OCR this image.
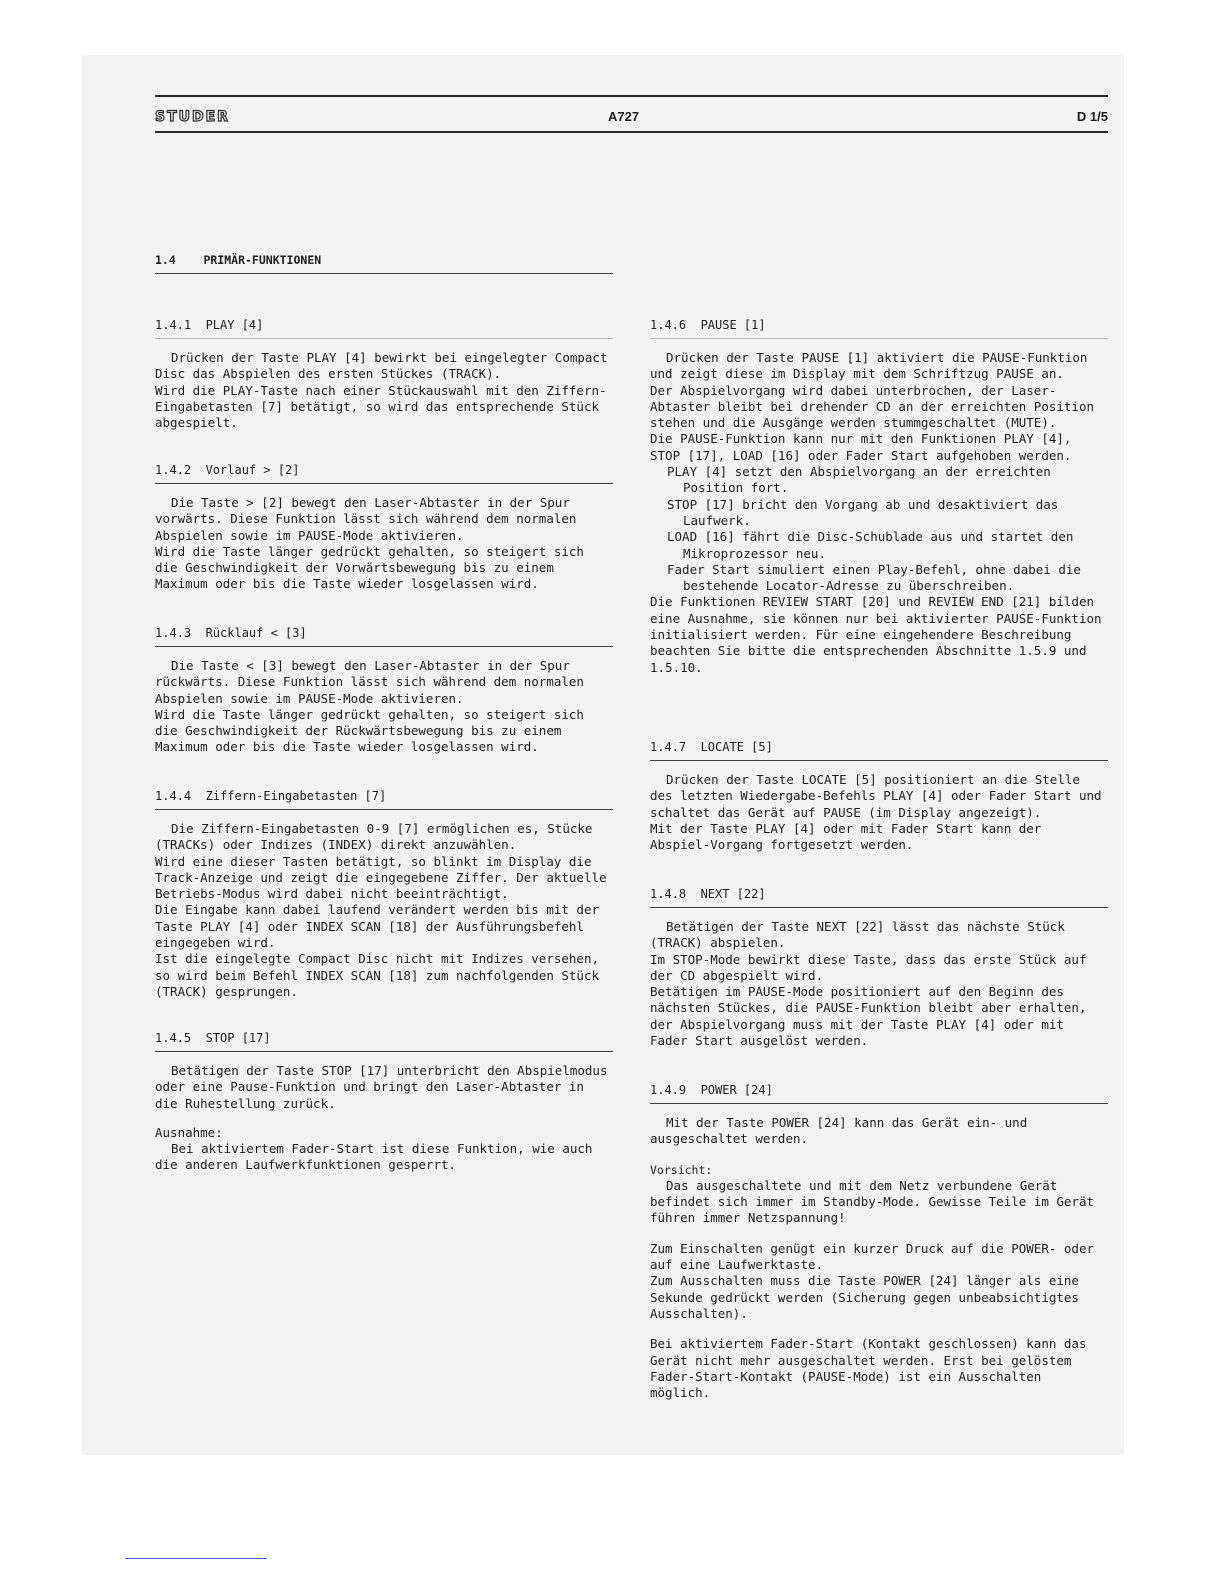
STUDER	A727	D 1/5
1.4    PRIMÄR-FUNKTIONEN
1.4.1  PLAY [4]

Drücken der Taste PLAY [4] bewirkt bei eingelegter Compact Disc das Abspielen des ersten Stückes (TRACK).

Wird die PLAY-Taste nach einer Stückauswahl mit den Ziffern-Eingabetasten [7] betätigt, so wird das entsprechende Stück abgespielt.

1.4.2  Vorlauf > [2]

Die Taste > [2] bewegt den Laser-Abtaster in der Spur vorwärts. Diese Funktion lässt sich während dem normalen Abspielen sowie im PAUSE-Mode aktivieren.

Wird die Taste länger gedrückt gehalten, so steigert sich die Geschwindigkeit der Vorwärtsbewegung bis zu einem Maximum oder bis die Taste wieder losgelassen wird.

1.4.3  Rücklauf < [3]

Die Taste < [3] bewegt den Laser-Abtaster in der Spur rückwärts. Diese Funktion lässt sich während dem normalen Abspielen sowie im PAUSE-Mode aktivieren.

Wird die Taste länger gedrückt gehalten, so steigert sich die Geschwindigkeit der Rückwärtsbewegung bis zu einem Maximum oder bis die Taste wieder losgelassen wird.

1.4.4  Ziffern-Eingabetasten [7]

Die Ziffern-Eingabetasten 0-9 [7] ermöglichen es, Stücke (TRACKs) oder Indizes (INDEX) direkt anzuwählen.

Wird eine dieser Tasten betätigt, so blinkt im Display die Track-Anzeige und zeigt die eingegebene Ziffer. Der aktuelle Betriebs-Modus wird dabei nicht beeinträchtigt.

Die Eingabe kann dabei laufend verändert werden bis mit der Taste PLAY [4] oder INDEX SCAN [18] der Ausführungsbefehl eingegeben wird.

Ist die eingelegte Compact Disc nicht mit Indizes versehen, so wird beim Befehl INDEX SCAN [18] zum nachfolgenden Stück (TRACK) gesprungen.

1.4.5  STOP [17]

Betätigen der Taste STOP [17] unterbricht den Abspielmodus oder eine Pause-Funktion und bringt den Laser-Abtaster in die Ruhestellung zurück.

Ausnahme:

Bei aktiviertem Fader-Start ist diese Funktion, wie auch die anderen Laufwerkfunktionen gesperrt.

1.4.6  PAUSE [1]

Drücken der Taste PAUSE [1] aktiviert die PAUSE-Funktion und zeigt diese im Display mit dem Schriftzug PAUSE an.

Der Abspielvorgang wird dabei unterbrochen, der Laser-Abtaster bleibt bei drehender CD an der erreichten Position stehen und die Ausgänge werden stummgeschaltet (MUTE).

Die PAUSE-Funktion kann nur mit den Funktionen PLAY [4], STOP [17], LOAD [16] oder Fader Start aufgehoben werden.

PLAY [4] setzt den Abspielvorgang an der erreichten Position fort.

STOP [17] bricht den Vorgang ab und desaktiviert das Laufwerk.

LOAD [16] fährt die Disc-Schublade aus und startet den Mikroprozessor neu.

Fader Start simuliert einen Play-Befehl, ohne dabei die bestehende Locator-Adresse zu überschreiben.

Die Funktionen REVIEW START [20] und REVIEW END [21] bilden eine Ausnahme, sie können nur bei aktivierter PAUSE-Funktion initialisiert werden. Für eine eingehendere Beschreibung beachten Sie bitte die entsprechenden Abschnitte 1.5.9 und 1.5.10.

1.4.7  LOCATE [5]

Drücken der Taste LOCATE [5] positioniert an die Stelle des letzten Wiedergabe-Befehls PLAY [4] oder Fader Start und schaltet das Gerät auf PAUSE (im Display angezeigt).

Mit der Taste PLAY [4] oder mit Fader Start kann der Abspiel-Vorgang fortgesetzt werden.

1.4.8  NEXT [22]

Betätigen der Taste NEXT [22] lässt das nächste Stück (TRACK) abspielen.

Im STOP-Mode bewirkt diese Taste, dass das erste Stück auf der CD abgespielt wird.

Betätigen im PAUSE-Mode positioniert auf den Beginn des nächsten Stückes, die PAUSE-Funktion bleibt aber erhalten, der Abspielvorgang muss mit der Taste PLAY [4] oder mit Fader Start ausgelöst werden.

1.4.9  POWER [24]

Mit der Taste POWER [24] kann das Gerät ein- und ausgeschaltet werden.

Vorsicht:

Das ausgeschaltete und mit dem Netz verbundene Gerät befindet sich immer im Standby-Mode. Gewisse Teile im Gerät führen immer Netzspannung!

Zum Einschalten genügt ein kurzer Druck auf die POWER- oder auf eine Laufwerktaste.

Zum Ausschalten muss die Taste POWER [24] länger als eine Sekunde gedrückt werden (Sicherung gegen unbeabsichtigtes Ausschalten).

Bei aktiviertem Fader-Start (Kontakt geschlossen) kann das Gerät nicht mehr ausgeschaltet werden. Erst bei gelöstem Fader-Start-Kontakt (PAUSE-Mode) ist ein Ausschalten möglich.
